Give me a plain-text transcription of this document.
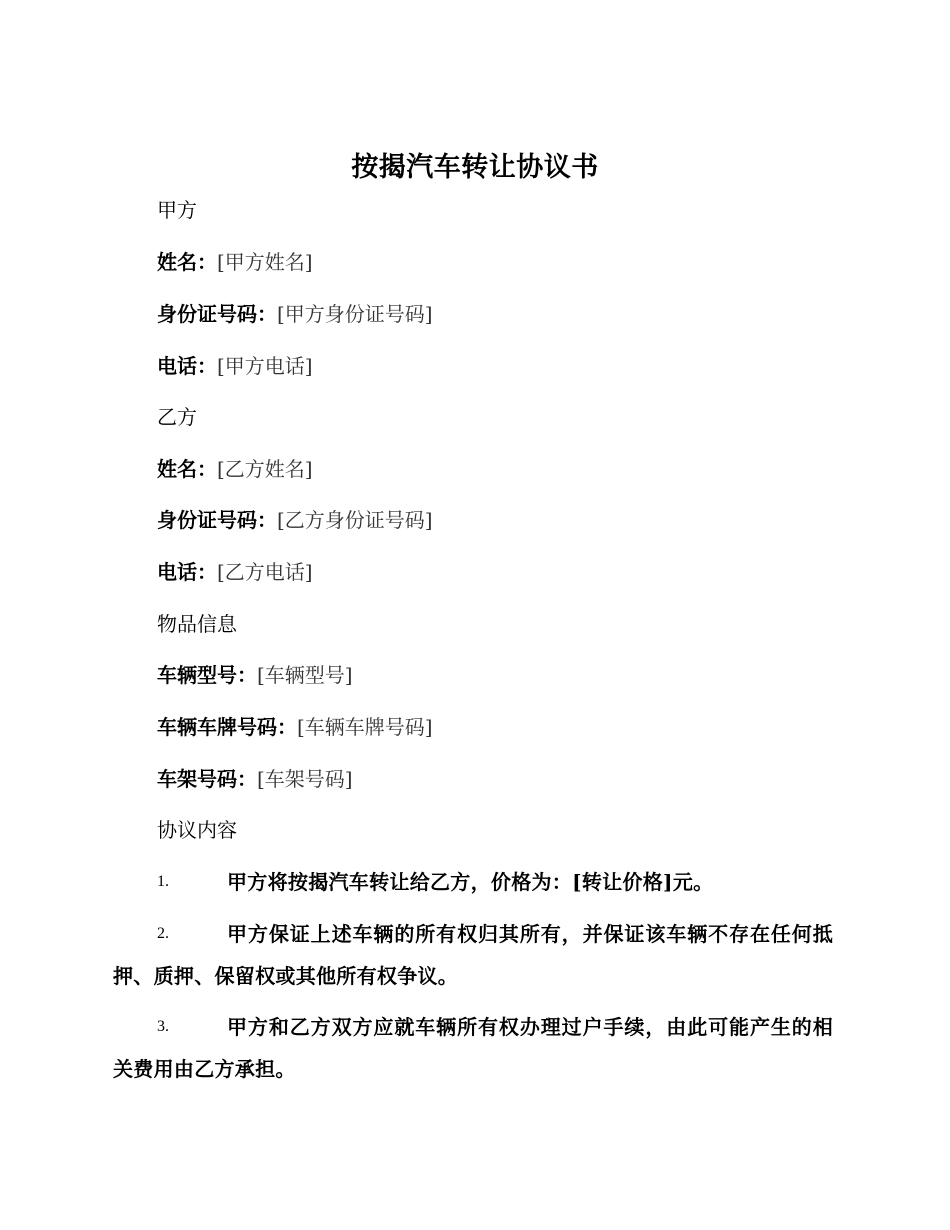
按揭汽车转让协议书
甲方
姓名：[甲方姓名]
身份证号码：[甲方身份证号码]
电话：[甲方电话]
乙方
姓名：[乙方姓名]
身份证号码：[乙方身份证号码]
电话：[乙方电话]
物品信息
车辆型号：[车辆型号]
车辆车牌号码：[车辆车牌号码]
车架号码：[车架号码]
协议内容
1.	甲方将按揭汽车转让给乙方，价格为：[转让价格]元。
2.	甲方保证上述车辆的所有权归其所有，并保证该车辆不存在任何抵押、质押、保留权或其他所有权争议。
3.	甲方和乙方双方应就车辆所有权办理过户手续，由此可能产生的相关费用由乙方承担。
